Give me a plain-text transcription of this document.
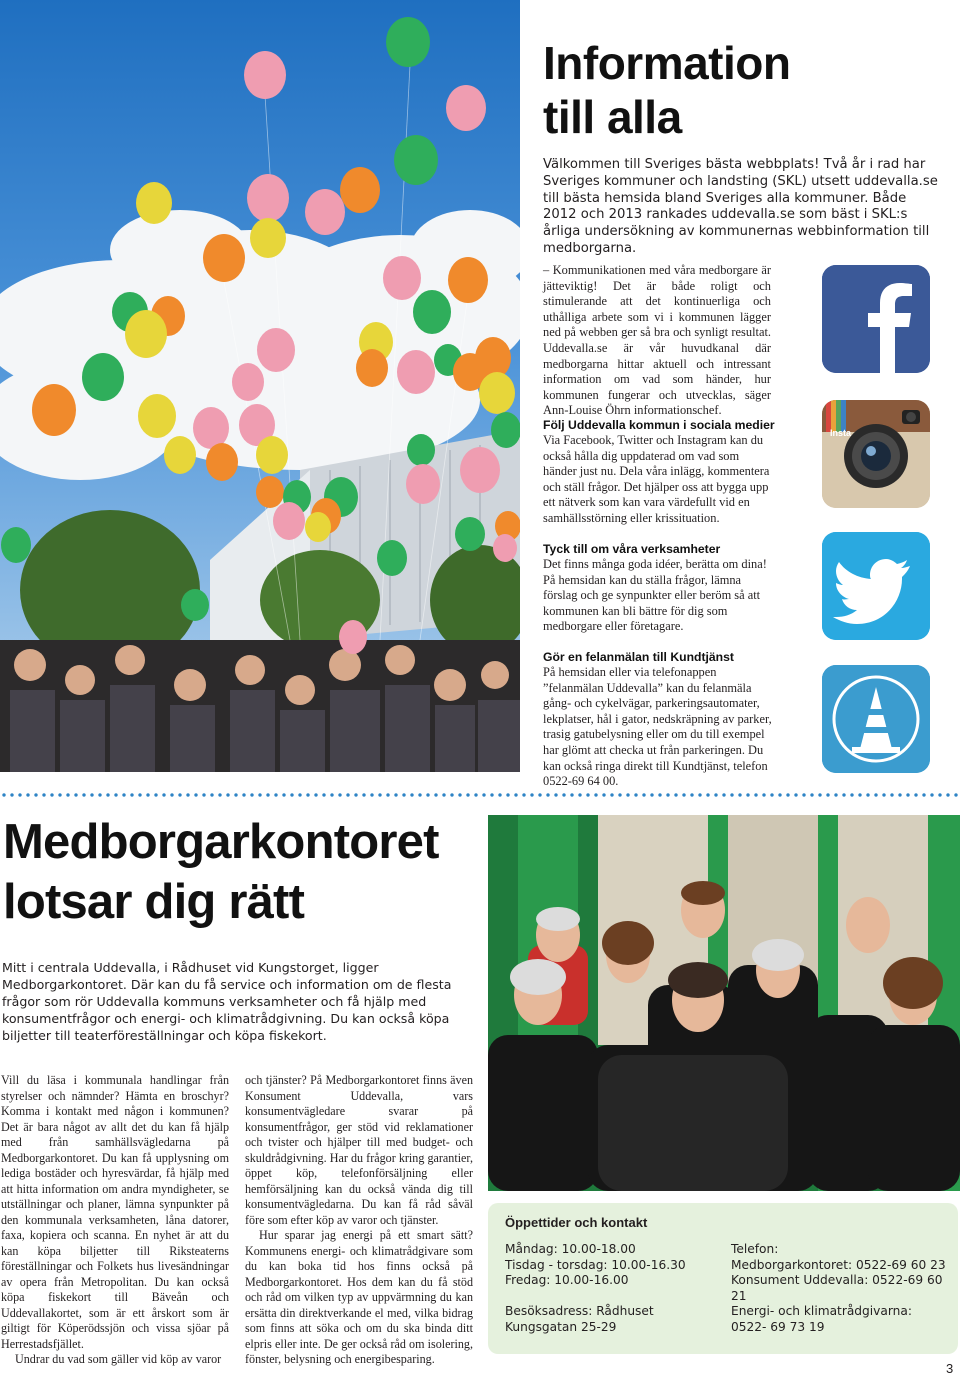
Information
till alla

Välkommen till Sveriges bästa webbplats! Två år i rad har Sveriges kommuner och landsting (SKL) utsett uddevalla.se till bästa hemsida bland Sveriges alla kommuner. Både 2012 och 2013 rankades uddevalla.se som bäst i SKL:s årliga undersökning av kommunernas webbinformation till medborgarna.

– Kommunikationen med våra medborgare är jätteviktig! Det är både roligt och stimulerande att det kontinuerliga och uthålliga arbete som vi i kommunen lägger ned på webben ger så bra och synligt resultat. Uddevalla.se är vår huvudkanal där medborgarna hittar aktuell och intressant information om vad som händer, hur kommunen fungerar och utvecklas, säger Ann-Louise Öhrn informationschef.

Följ Uddevalla kommun i sociala medier

Via Facebook, Twitter och Instagram kan du också hålla dig uppdaterad om vad som händer just nu. Dela våra inlägg, kommentera och ställ frågor. Det hjälper oss att bygga upp ett nätverk som kan vara värdefullt vid en samhällsstörning eller krissituation.

Tyck till om våra verksamheter

Det finns många goda idéer, berätta om dina! På hemsidan kan du ställa frågor, lämna förslag och ge synpunkter eller beröm så att kommunen kan bli bättre för dig som medborgare eller företagare.

Gör en felanmälan till Kundtjänst

På hemsidan eller via telefonappen ”felanmälan Uddevalla” kan du felanmäla gång- och cykelvägar, parkeringsautomater, lekplatser, hål i gator, nedskräpning av parker, trasig gatubelysning eller om du till exempel har glömt att checka ut från parkeringen. Du kan också ringa direkt till Kundtjänst, telefon 0522-69 64 00.

Insta
Medborgarkontoret
lotsar dig rätt

Mitt i centrala Uddevalla, i Rådhuset vid Kungstorget, ligger Medborgarkontoret. Där kan du få service och information om de flesta frågor som rör Uddevalla kommuns verksamheter och få hjälp med konsumentfrågor och energi- och klimatrådgivning. Du kan också köpa biljetter till teaterföreställningar och köpa fiskekort.

Vill du läsa i kommunala handlingar från styrelser och nämnder? Hämta en broschyr? Komma i kontakt med någon i kommunen? Det är bara något av allt det du kan få hjälp med från samhällsvägledarna på Medborgarkontoret. Du kan få upplysning om lediga bostäder och hyresvärdar, få hjälp med att hitta information om andra myndigheter, se utställningar och planer, lämna synpunkter på den kommunala verksamheten, låna datorer, faxa, kopiera och scanna. En nyhet är att du kan köpa biljetter till Riksteaterns föreställningar och Folkets hus livesändningar av opera från Metropolitan. Du kan också köpa fiskekort till Bäveån och Uddevallakortet, som är ett årskort som är giltigt för Köperödssjön och vissa sjöar på Herrestadsfjället.

Undrar du vad som gäller vid köp av varor

och tjänster? På Medborgarkontoret finns även Konsument Uddevalla, vars konsumentvägledare svarar på konsumentfrågor, ger stöd vid reklamationer och tvister och hjälper till med budget- och skuldrådgivning. Har du frågor kring garantier, öppet köp, telefonförsäljning eller hemförsäljning kan du också vända dig till konsumentvägledarna. Du kan få råd såväl före som efter köp av varor och tjänster.

Hur sparar jag energi på ett smart sätt? Kommunens energi- och klimatrådgivare som du kan boka tid hos finns också på Medborgarkontoret. Hos dem kan du få stöd och råd om vilken typ av uppvärmning du kan ersätta din direktverkande el med, vilka bidrag som finns att söka och om du ska binda ditt elpris eller inte. De ger också råd om isolering, fönster, belysning och energibesparing.

Öppettider och kontakt
Måndag: 10.00-18.00
Tisdag - torsdag: 10.00-16.30
Fredag: 10.00-16.00
Besöksadress: Rådhuset
Kungsgatan 25-29
Telefon:
Medborgarkontoret: 0522-69 60 23
Konsument Uddevalla: 0522-69 60 21
Energi- och klimatrådgivarna:
0522- 69 73 19
3
